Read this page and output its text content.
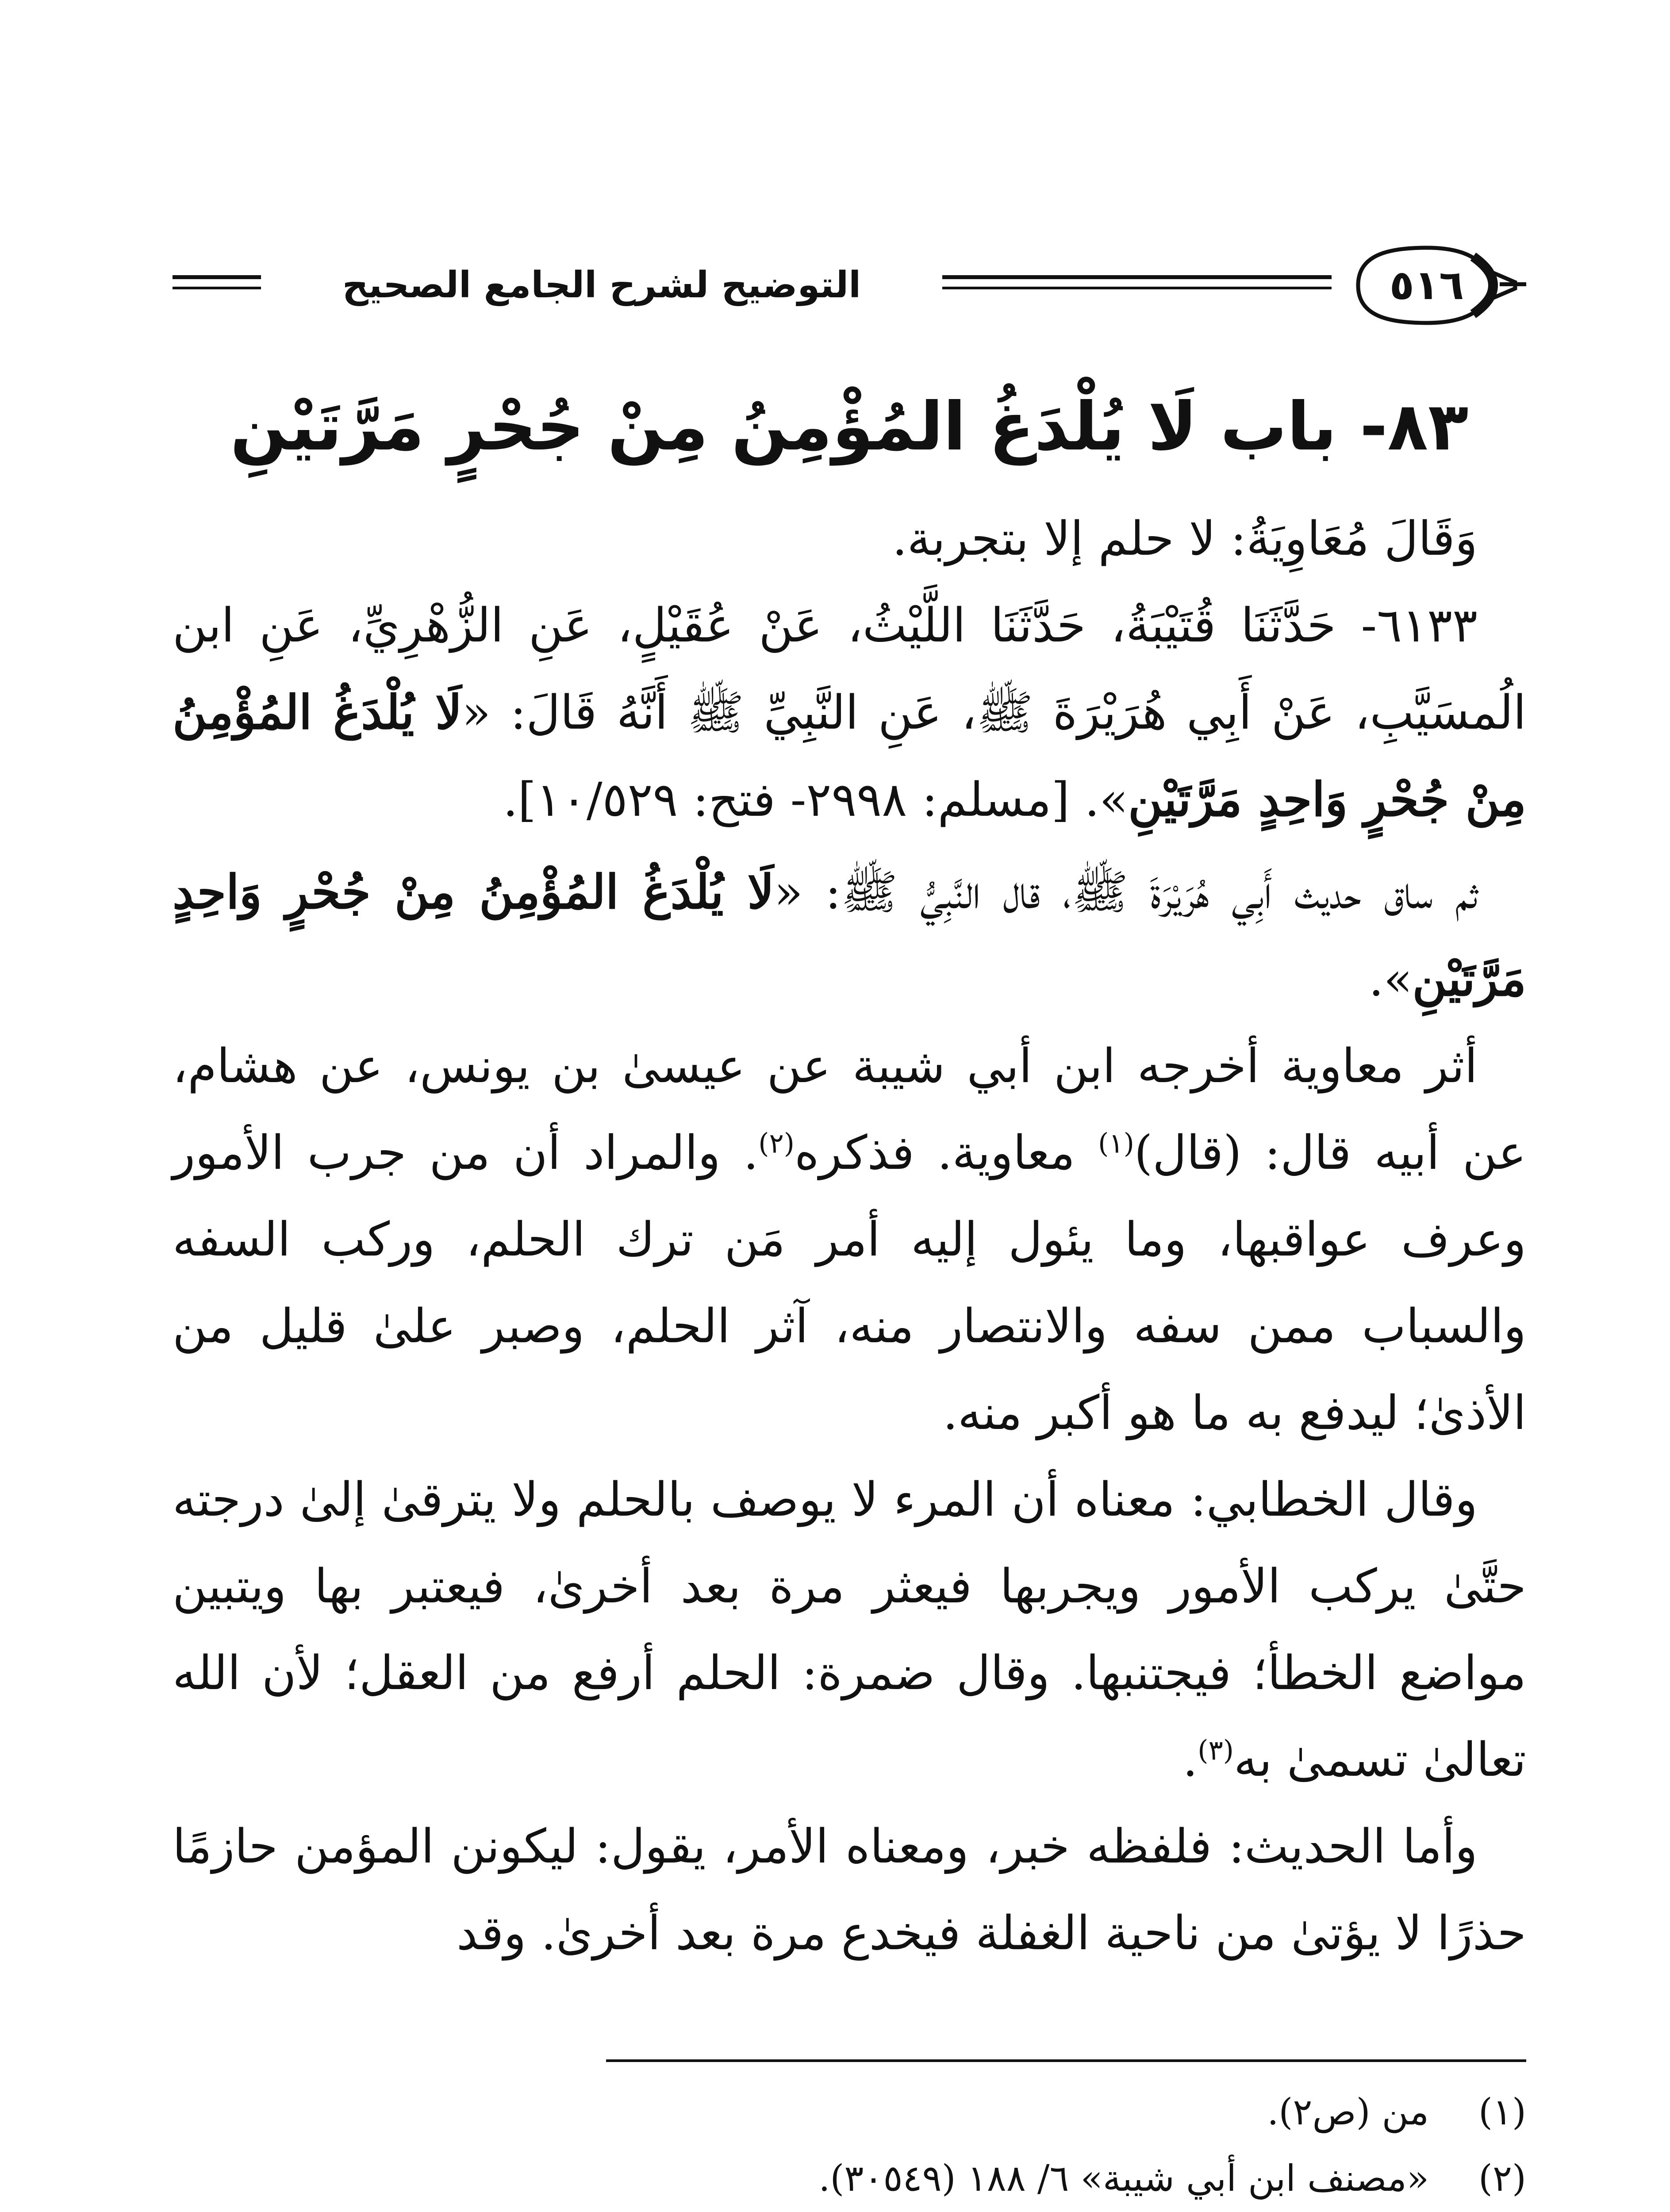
التوضيح لشرح الجامع الصحيح	٥١٦
٨٣- باب لَا يُلْدَغُ المُؤْمِنُ مِنْ جُحْرٍ مَرَّتَيْنِ

وَقَالَ مُعَاوِيَةُ: لا حلم إلا بتجربة.

٦١٣٣- حَدَّثَنَا قُتَيْبَةُ، حَدَّثَنَا اللَّيْثُ، عَنْ عُقَيْلٍ، عَنِ الزُّهْرِيِّ، عَنِ ابن الُمسَيَّبِ، عَنْ أَبِي هُرَيْرَةَ ﷺ، عَنِ النَّبِيِّ ﷺ أَنَّهُ قَالَ: «لَا يُلْدَغُ المُؤْمِنُ مِنْ جُحْرٍ وَاحِدٍ مَرَّتَيْنِ». [مسلم: ٢٩٩٨- فتح: ١٠/٥٢٩].

ثم ساق حديث أَبِي هُرَيْرَةَ ﷺ، قال النَّبِيُّ ﷺ: «لَا يُلْدَغُ المُؤْمِنُ مِنْ جُحْرٍ وَاحِدٍ مَرَّتَيْنِ».

أثر معاوية أخرجه ابن أبي شيبة عن عيسىٰ بن يونس، عن هشام، عن أبيه قال: (قال)$^{(١)}$ معاوية. فذكره$^{(٢)}$. والمراد أن من جرب الأمور وعرف عواقبها، وما يئول إليه أمر مَن ترك الحلم، وركب السفه والسباب ممن سفه والانتصار منه، آثر الحلم، وصبر علىٰ قليل من الأذىٰ؛ ليدفع به ما هو أكبر منه.

وقال الخطابي: معناه أن المرء لا يوصف بالحلم ولا يترقىٰ إلىٰ درجته حتَّىٰ يركب الأمور ويجربها فيعثر مرة بعد أخرىٰ، فيعتبر بها ويتبين مواضع الخطأ؛ فيجتنبها. وقال ضمرة: الحلم أرفع من العقل؛ لأن الله تعالىٰ تسمىٰ به$^{(٣)}$.

وأما الحديث: فلفظه خبر، ومعناه الأمر، يقول: ليكونن المؤمن حازمًا حذرًا لا يؤتىٰ من ناحية الغفلة فيخدع مرة بعد أخرىٰ. وقد

(١)
من (ص٢).

(٢)
«مصنف ابن أبي شيبة» ٦/ ١٨٨ (٣٠٥٤٩).
